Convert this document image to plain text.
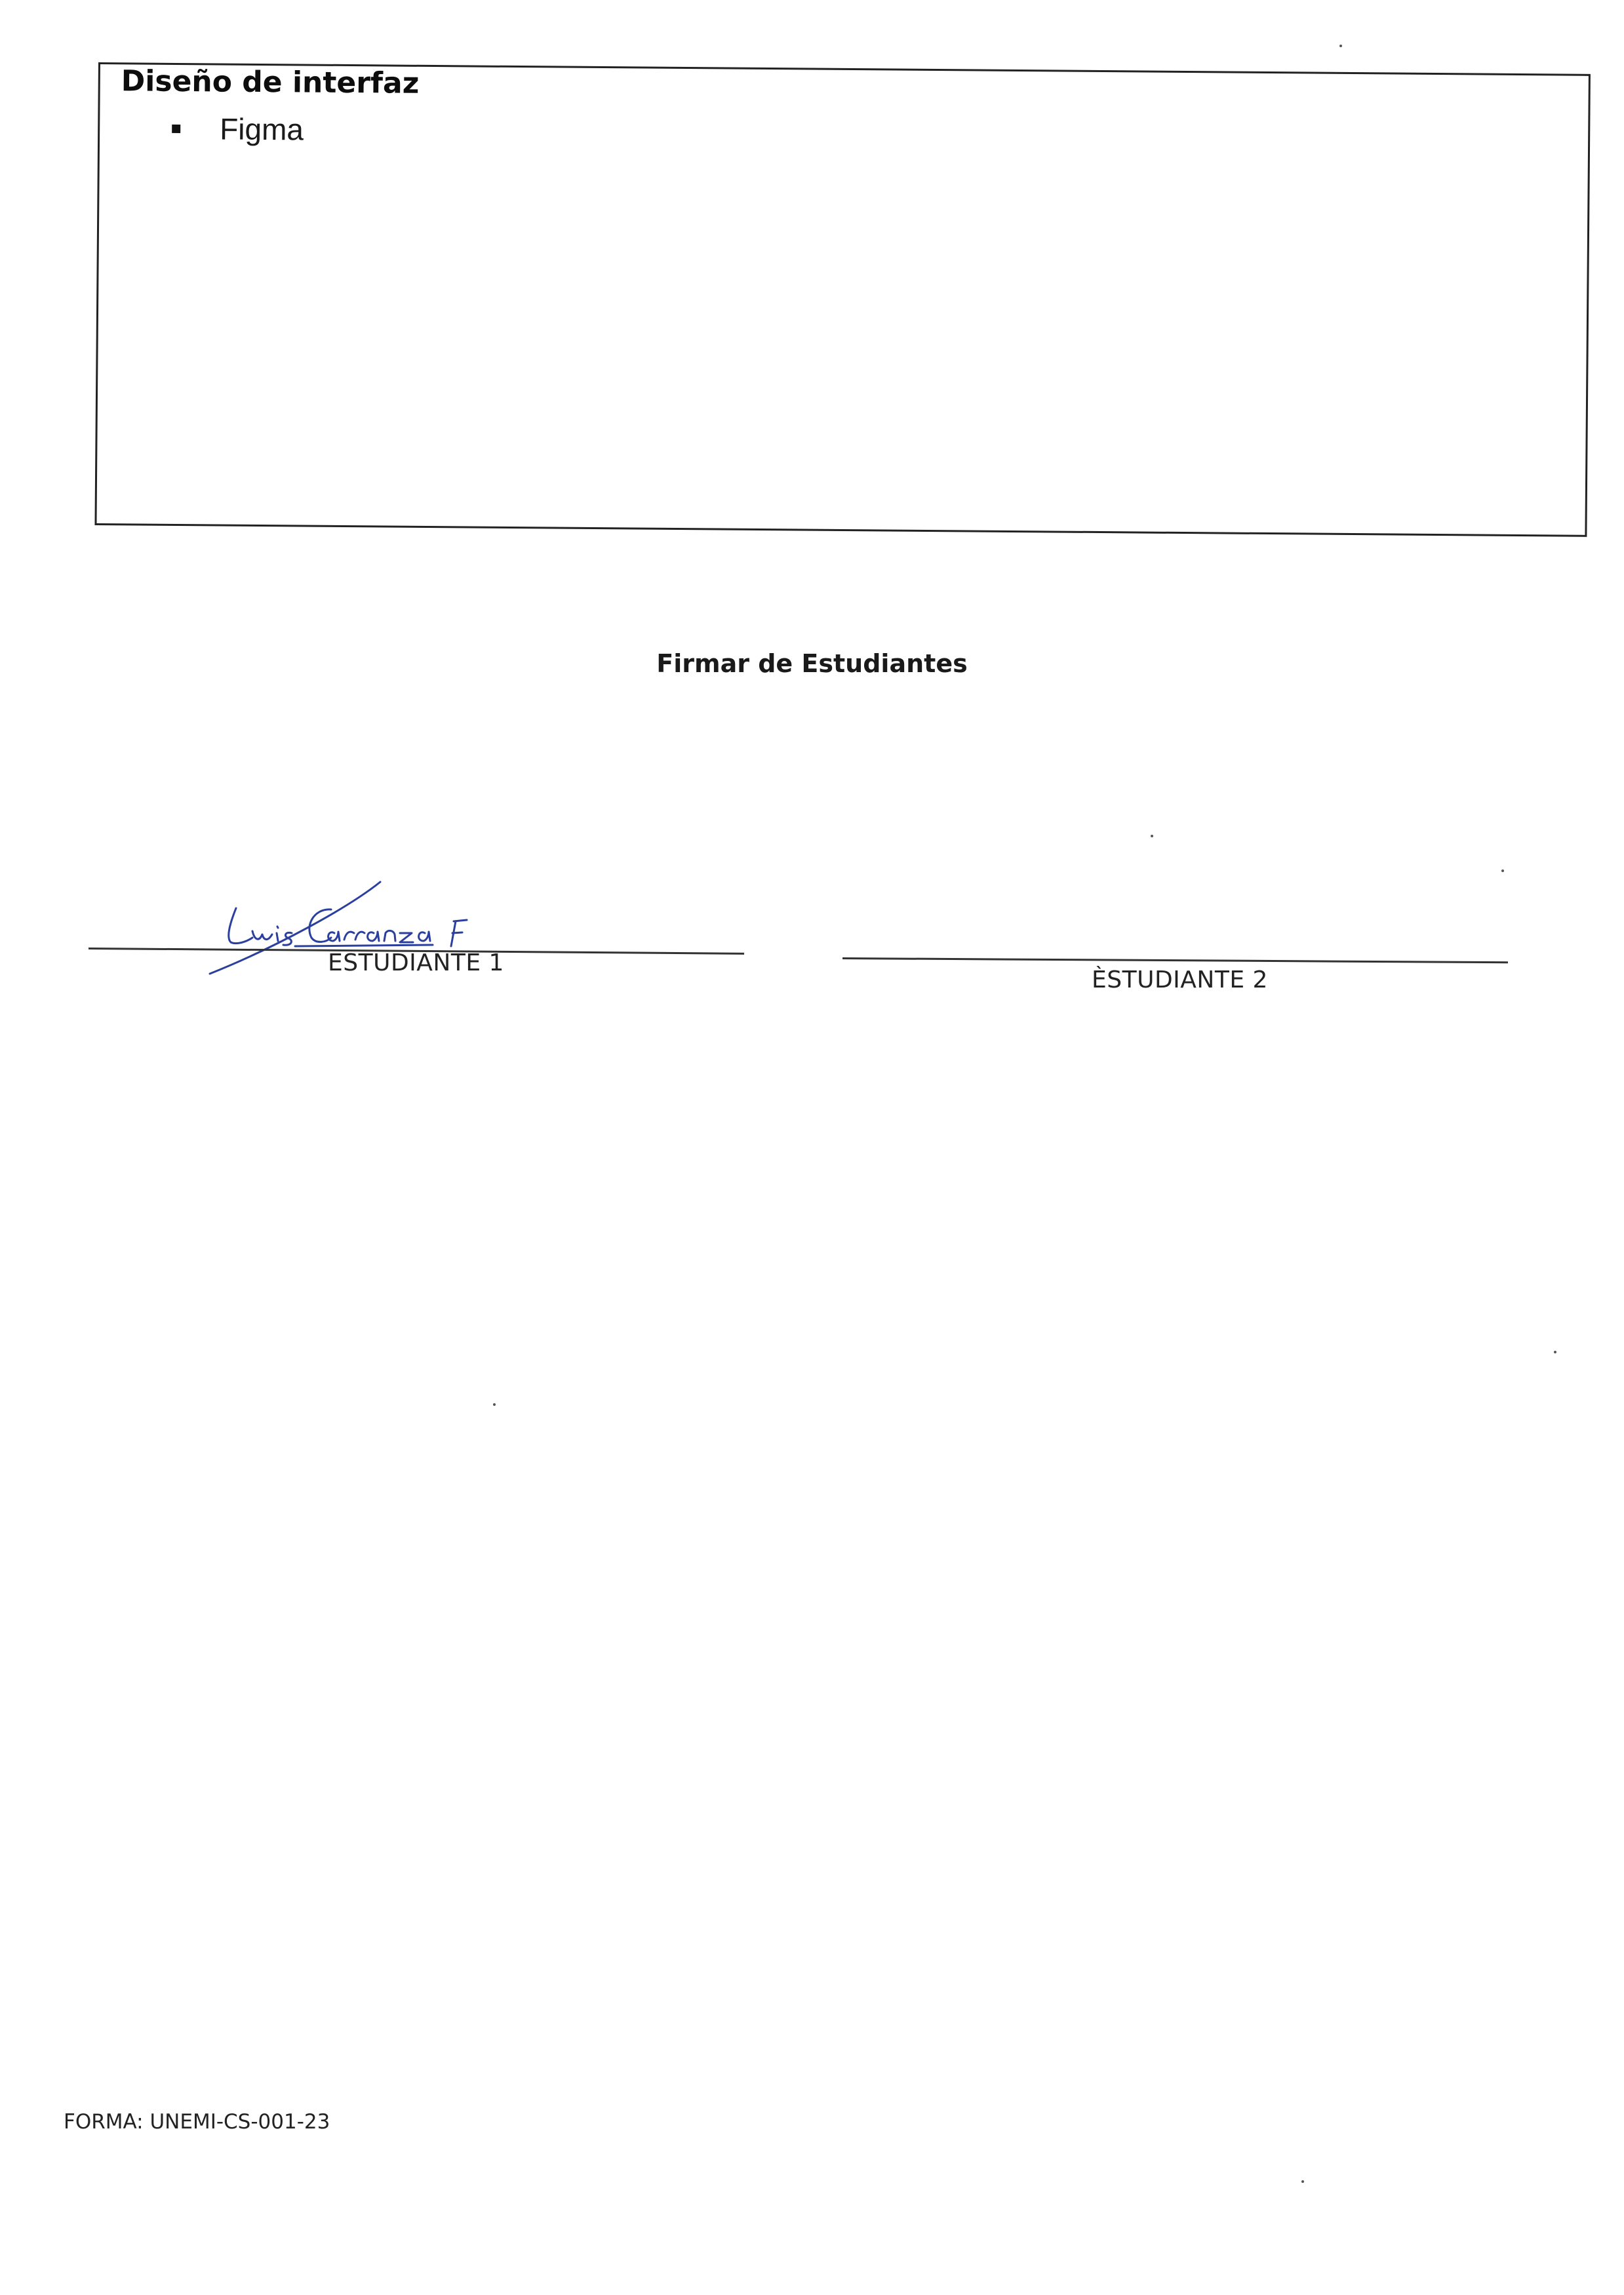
Diseño de interfaz
Figma
Firmar de Estudiantes
ESTUDIANTE 1
ÈSTUDIANTE 2
FORMA: UNEMI-CS-001-23
